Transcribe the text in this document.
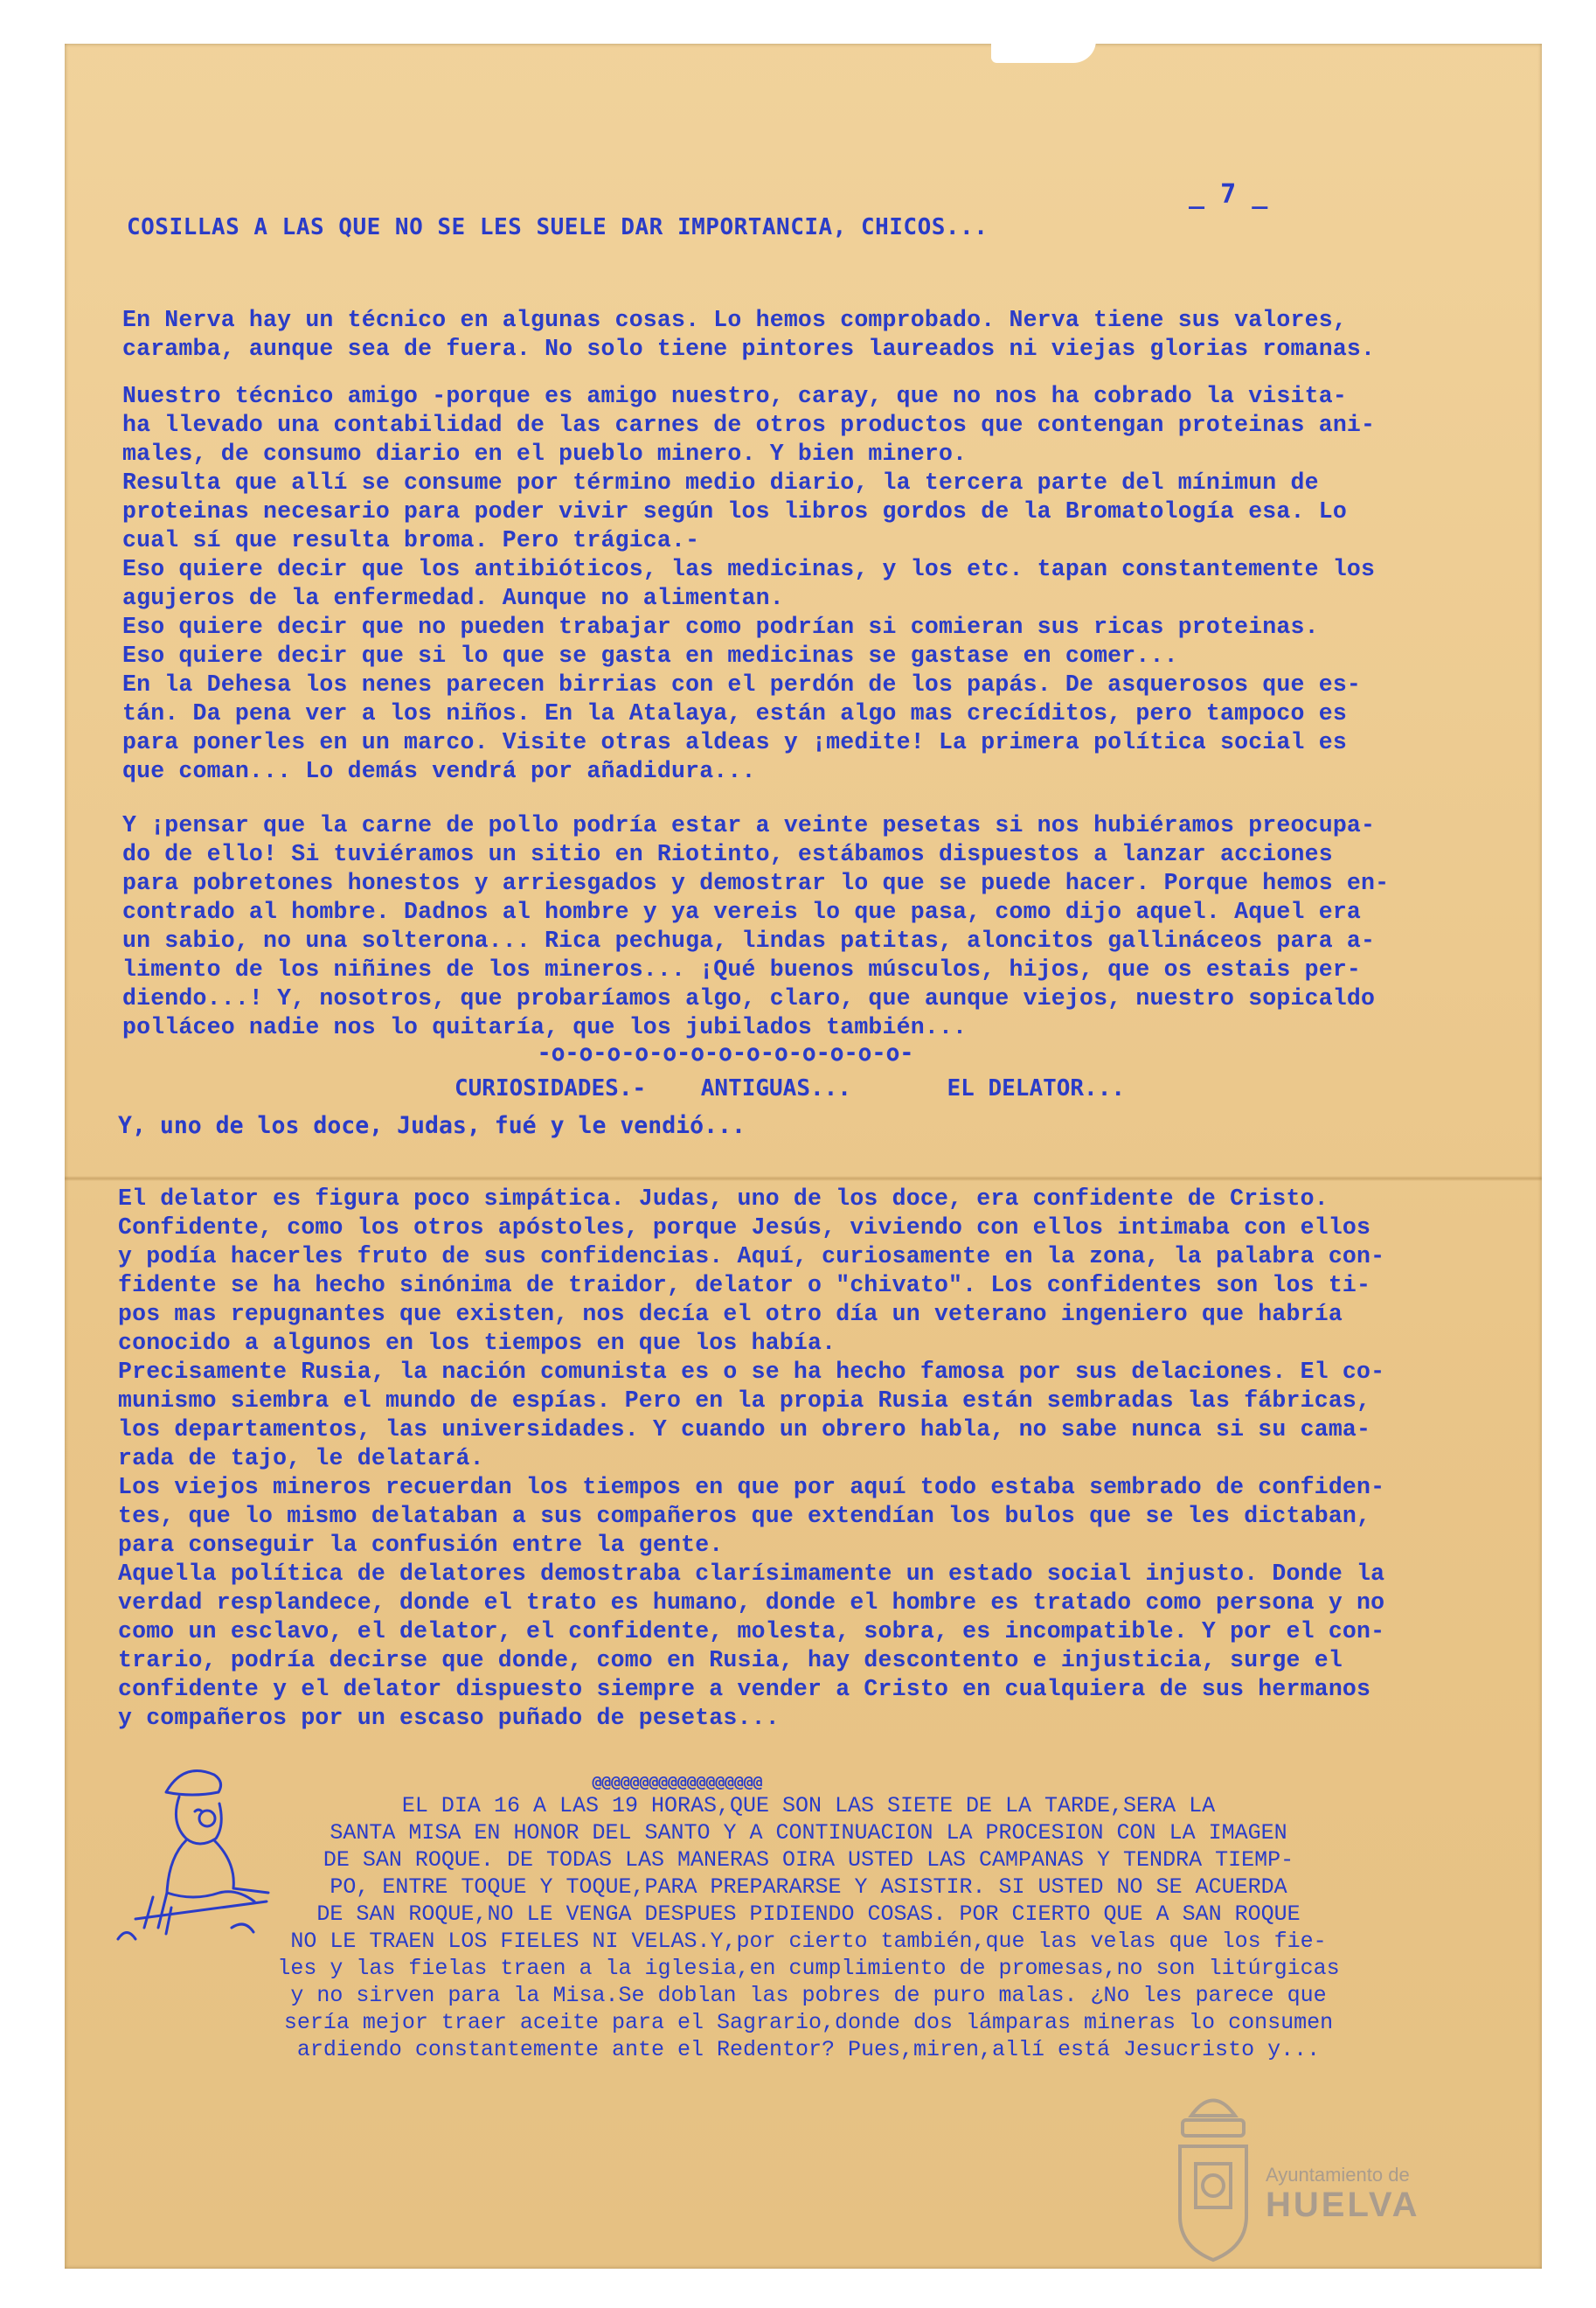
_ 7 _
COSILLAS A LAS QUE NO SE LES SUELE DAR IMPORTANCIA, CHICOS...
En Nerva hay un técnico en algunas cosas. Lo hemos comprobado. Nerva tiene sus valores,
caramba, aunque sea de fuera. No solo tiene pintores laureados ni viejas glorias romanas.
Nuestro técnico amigo -porque es amigo nuestro, caray, que no nos ha cobrado la visita-
ha llevado una contabilidad de las carnes de otros productos que contengan proteinas ani-
males, de consumo diario en el pueblo minero. Y bien minero.
Resulta que allí se consume por término medio diario, la tercera parte del mínimun de
proteinas necesario para poder vivir según los libros gordos de la Bromatología esa. Lo
cual sí que resulta broma. Pero trágica.-
Eso quiere decir que los antibióticos, las medicinas, y los etc. tapan constantemente los
agujeros de la enfermedad. Aunque no alimentan.
Eso quiere decir que no pueden trabajar como podrían si comieran sus ricas proteinas.
Eso quiere decir que si lo que se gasta en medicinas se gastase en comer...
En la Dehesa los nenes parecen birrias con el perdón de los papás. De asquerosos que es-
tán. Da pena ver a los niños. En la Atalaya, están algo mas crecíditos, pero tampoco es
para ponerles en un marco. Visite otras aldeas y ¡medite! La primera política social es
que coman... Lo demás vendrá por añadidura...
Y ¡pensar que la carne de pollo podría estar a veinte pesetas si nos hubiéramos preocupa-
do de ello! Si tuviéramos un sitio en Riotinto, estábamos dispuestos a lanzar acciones
para pobretones honestos y arriesgados y demostrar lo que se puede hacer. Porque hemos en-
contrado al hombre. Dadnos al hombre y ya vereis lo que pasa, como dijo aquel. Aquel era
un sabio, no una solterona... Rica pechuga, lindas patitas, aloncitos gallináceos para a-
limento de los niñines de los mineros... ¡Qué buenos músculos, hijos, que os estais per-
diendo...! Y, nosotros, que probaríamos algo, claro, que aunque viejos, nuestro sopicaldo
polláceo nadie nos lo quitaría, que los jubilados también...
-o-o-o-o-o-o-o-o-o-o-o-o-o-
CURIOSIDADES.-    ANTIGUAS...       EL DELATOR...
Y, uno de los doce, Judas, fué y le vendió...
El delator es figura poco simpática. Judas, uno de los doce, era confidente de Cristo.
Confidente, como los otros apóstoles, porque Jesús, viviendo con ellos intimaba con ellos
y podía hacerles fruto de sus confidencias. Aquí, curiosamente en la zona, la palabra con-
fidente se ha hecho sinónima de traidor, delator o "chivato". Los confidentes son los ti-
pos mas repugnantes que existen, nos decía el otro día un veterano ingeniero que habría
conocido a algunos en los tiempos en que los había.
Precisamente Rusia, la nación comunista es o se ha hecho famosa por sus delaciones. El co-
munismo siembra el mundo de espías. Pero en la propia Rusia están sembradas las fábricas,
los departamentos, las universidades. Y cuando un obrero habla, no sabe nunca si su cama-
rada de tajo, le delatará.
Los viejos mineros recuerdan los tiempos en que por aquí todo estaba sembrado de confiden-
tes, que lo mismo delataban a sus compañeros que extendían los bulos que se les dictaban,
para conseguir la confusión entre la gente.
Aquella política de delatores demostraba clarísimamente un estado social injusto. Donde la
verdad resplandece, donde el trato es humano, donde el hombre es tratado como persona y no
como un esclavo, el delator, el confidente, molesta, sobra, es incompatible. Y por el con-
trario, podría decirse que donde, como en Rusia, hay descontento e injusticia, surge el
confidente y el delator dispuesto siempre a vender a Cristo en cualquiera de sus hermanos
y compañeros por un escaso puñado de pesetas...
@@@@@@@@@@@@@@@@@@
EL DIA 16 A LAS 19 HORAS,QUE SON LAS SIETE DE LA TARDE,SERA LA
SANTA MISA EN HONOR DEL SANTO Y A CONTINUACION LA PROCESION CON LA IMAGEN
DE SAN ROQUE. DE TODAS LAS MANERAS OIRA USTED LAS CAMPANAS Y TENDRA TIEMP-
PO, ENTRE TOQUE Y TOQUE,PARA PREPARARSE Y ASISTIR. SI USTED NO SE ACUERDA
DE SAN ROQUE,NO LE VENGA DESPUES PIDIENDO COSAS. POR CIERTO QUE A SAN ROQUE
NO LE TRAEN LOS FIELES NI VELAS.Y,por cierto también,que las velas que los fie-
les y las fielas traen a la iglesia,en cumplimiento de promesas,no son litúrgicas
y no sirven para la Misa.Se doblan las pobres de puro malas. ¿No les parece que
sería mejor traer aceite para el Sagrario,donde dos lámparas mineras lo consumen
ardiendo constantemente ante el Redentor? Pues,miren,allí está Jesucristo y...
Ayuntamiento de
HUELVA
